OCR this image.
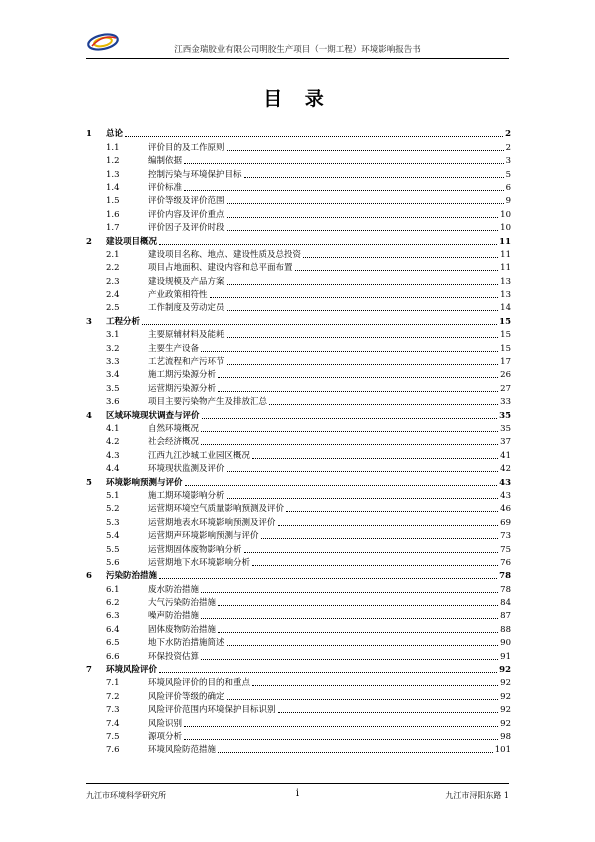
江西金瑞胶业有限公司明胶生产项目（一期工程）环境影响报告书
目 录
1	总论	2
1.1	评价目的及工作原则	2
1.2	编制依据	3
1.3	控制污染与环境保护目标	5
1.4	评价标准	6
1.5	评价等级及评价范围	9
1.6	评价内容及评价重点	10
1.7	评价因子及评价时段	10
2	建设项目概况	11
2.1	建设项目名称、地点、建设性质及总投资	11
2.2	项目占地面积、建设内容和总平面布置	11
2.3	建设规模及产品方案	13
2.4	产业政策相符性	13
2.5	工作制度及劳动定员	14
3	工程分析	15
3.1	主要原辅材料及能耗	15
3.2	主要生产设备	15
3.3	工艺流程和产污环节	17
3.4	施工期污染源分析	26
3.5	运营期污染源分析	27
3.6	项目主要污染物产生及排放汇总	33
4	区域环境现状调查与评价	35
4.1	自然环境概况	35
4.2	社会经济概况	37
4.3	江西九江沙城工业园区概况	41
4.4	环境现状监测及评价	42
5	环境影响预测与评价	43
5.1	施工期环境影响分析	43
5.2	运营期环境空气质量影响预测及评价	46
5.3	运营期地表水环境影响预测及评价	69
5.4	运营期声环境影响预测与评价	73
5.5	运营期固体废物影响分析	75
5.6	运营期地下水环境影响分析	76
6	污染防治措施	78
6.1	废水防治措施	78
6.2	大气污染防治措施	84
6.3	噪声防治措施	87
6.4	固体废物防治措施	88
6.5	地下水防治措施简述	90
6.6	环保投资估算	91
7	环境风险评价	92
7.1	环境风险评价的目的和重点	92
7.2	风险评价等级的确定	92
7.3	风险评价范围内环境保护目标识别	92
7.4	风险识别	92
7.5	源项分析	98
7.6	环境风险防范措施	101
九江市环境科学研究所	i	九江市浔阳东路 1
